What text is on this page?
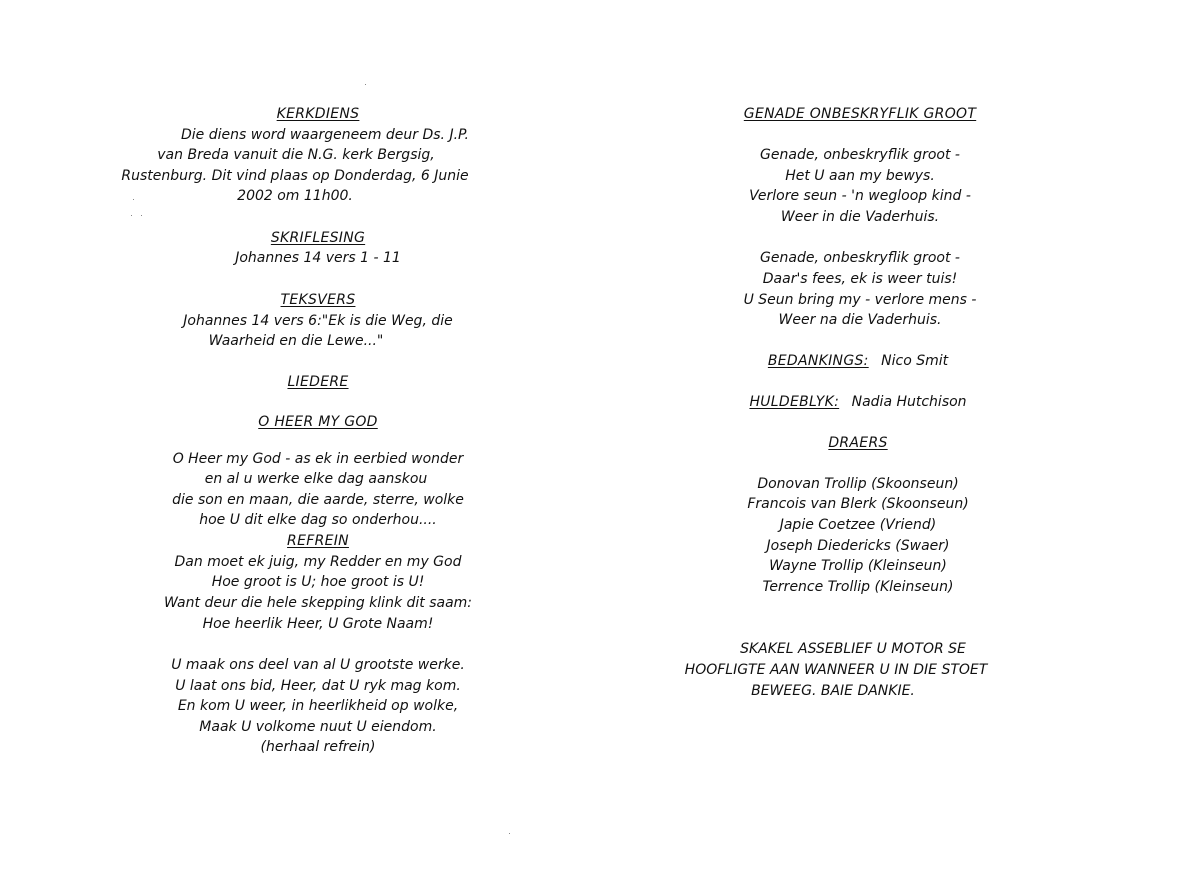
KERKDIENS
Die diens word waargeneem deur Ds. J.P.
van Breda vanuit die N.G. kerk Bergsig,
Rustenburg. Dit vind plaas op Donderdag, 6 Junie
2002 om 11h00.
SKRIFLESING
Johannes 14 vers 1 - 11
TEKSVERS
Johannes 14 vers 6:"Ek is die Weg, die
Waarheid en die Lewe..."
LIEDERE
O HEER MY GOD
O Heer my God - as ek in eerbied wonder
en al u werke elke dag aanskou
die son en maan, die aarde, sterre, wolke
hoe U dit elke dag so onderhou....
REFREIN
Dan moet ek juig, my Redder en my God
Hoe groot is U; hoe groot is U!
Want deur die hele skepping klink dit saam:
Hoe heerlik Heer, U Grote Naam!
U maak ons deel van al U grootste werke.
U laat ons bid, Heer, dat U ryk mag kom.
En kom U weer, in heerlikheid op wolke,
Maak U volkome nuut U eiendom.
(herhaal refrein)
GENADE ONBESKRYFLIK GROOT
Genade, onbeskryflik groot -
Het U aan my bewys.
Verlore seun - 'n wegloop kind -
Weer in die Vaderhuis.
Genade, onbeskryflik groot -
Daar's fees, ek is weer tuis!
U Seun bring my - verlore mens -
Weer na die Vaderhuis.
BEDANKINGS: Nico Smit
HULDEBLYK: Nadia Hutchison
DRAERS
Donovan Trollip (Skoonseun)
Francois van Blerk (Skoonseun)
Japie Coetzee (Vriend)
Joseph Diedericks (Swaer)
Wayne Trollip (Kleinseun)
Terrence Trollip (Kleinseun)
SKAKEL ASSEBLIEF U MOTOR SE
HOOFLIGTE AAN WANNEER U IN DIE STOET
BEWEEG. BAIE DANKIE.
